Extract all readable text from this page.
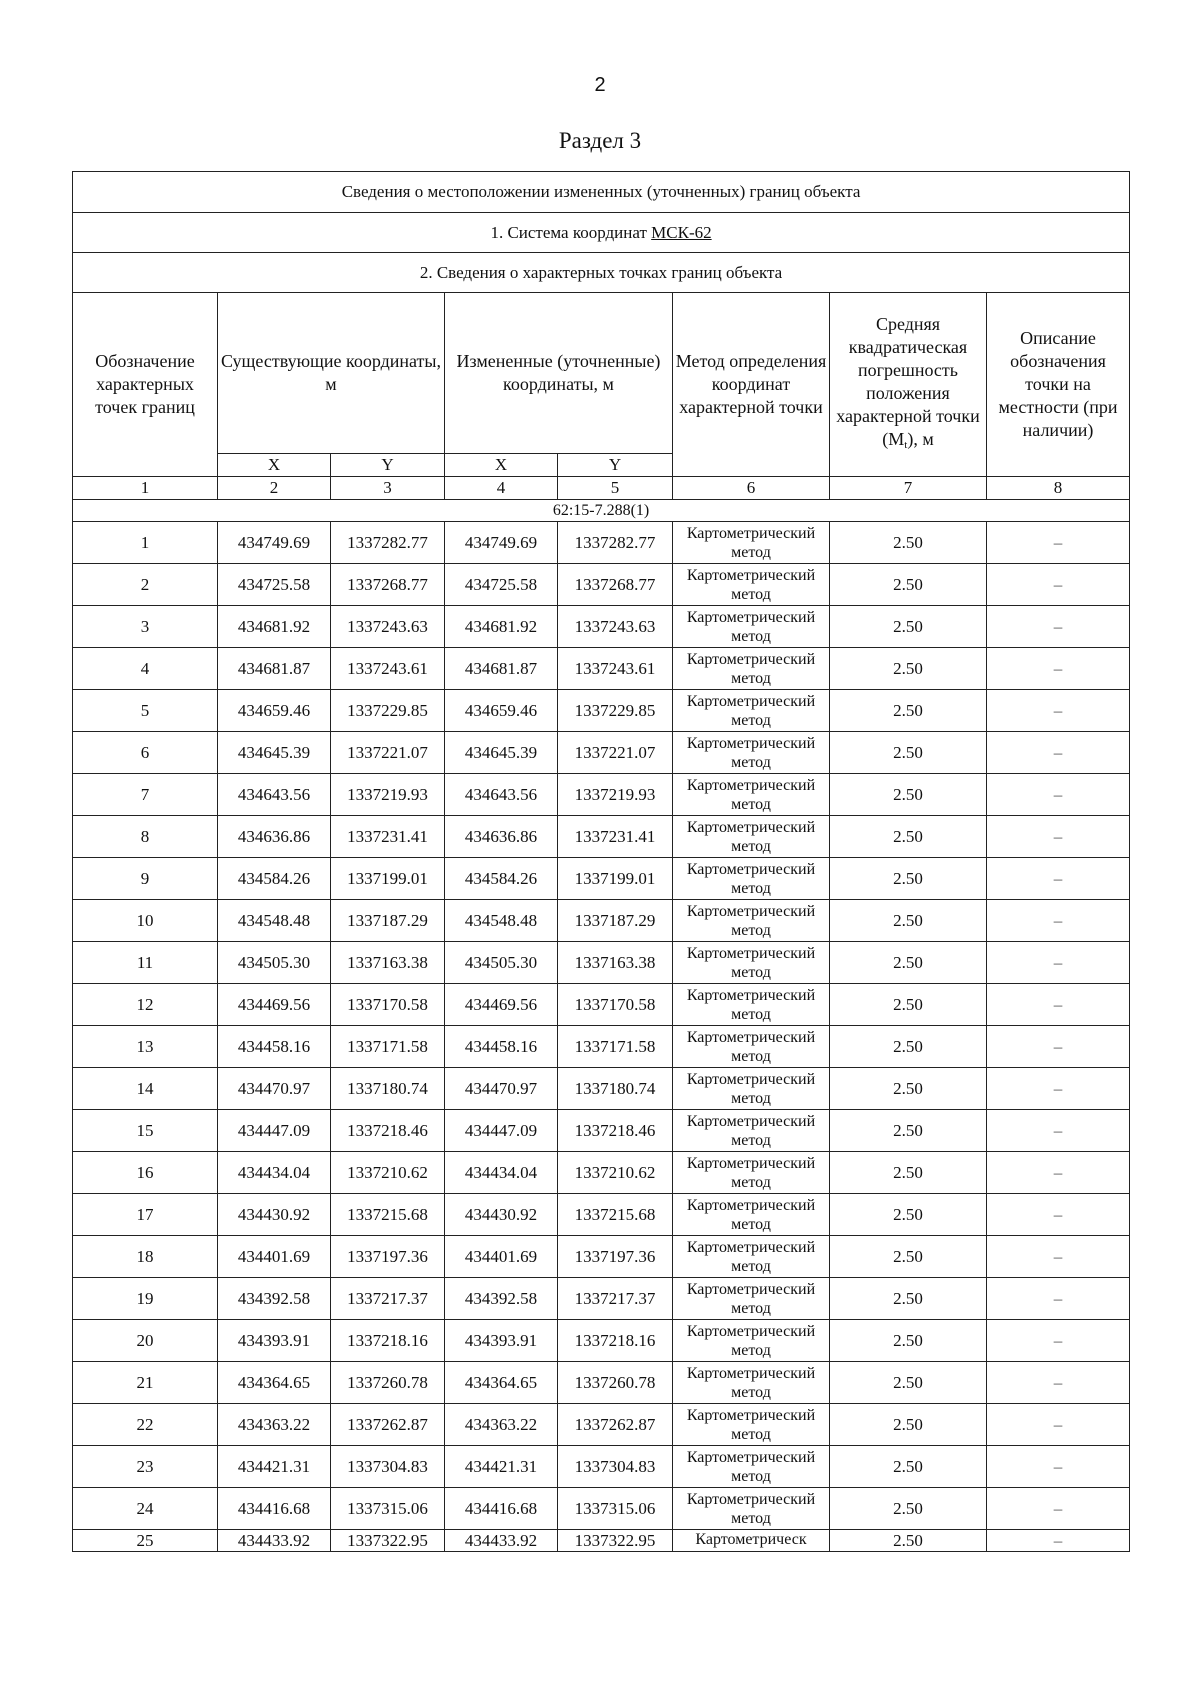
2
Раздел 3
Сведения о местоположении измененных (уточненных) границ объекта							
1. Система координат МСК-62							
2. Сведения о характерных точках границ объекта							
Обозначение характерных точек границ	Существующие координаты, м		Измененные (уточненные) координаты, м		Метод определения координат характерной точки	Средняя квадратическая погрешность положения характерной точки $(M_t)$, м	Описание обозначения точки на местности (при наличии)
	X	Y	X	Y			
1	2	3	4	5	6	7	8
62:15-7.288(1)							
1	434749.69	1337282.77	434749.69	1337282.77	Картометрический метод	2.50	–
2	434725.58	1337268.77	434725.58	1337268.77	Картометрический метод	2.50	–
3	434681.92	1337243.63	434681.92	1337243.63	Картометрический метод	2.50	–
4	434681.87	1337243.61	434681.87	1337243.61	Картометрический метод	2.50	–
5	434659.46	1337229.85	434659.46	1337229.85	Картометрический метод	2.50	–
6	434645.39	1337221.07	434645.39	1337221.07	Картометрический метод	2.50	–
7	434643.56	1337219.93	434643.56	1337219.93	Картометрический метод	2.50	–
8	434636.86	1337231.41	434636.86	1337231.41	Картометрический метод	2.50	–
9	434584.26	1337199.01	434584.26	1337199.01	Картометрический метод	2.50	–
10	434548.48	1337187.29	434548.48	1337187.29	Картометрический метод	2.50	–
11	434505.30	1337163.38	434505.30	1337163.38	Картометрический метод	2.50	–
12	434469.56	1337170.58	434469.56	1337170.58	Картометрический метод	2.50	–
13	434458.16	1337171.58	434458.16	1337171.58	Картометрический метод	2.50	–
14	434470.97	1337180.74	434470.97	1337180.74	Картометрический метод	2.50	–
15	434447.09	1337218.46	434447.09	1337218.46	Картометрический метод	2.50	–
16	434434.04	1337210.62	434434.04	1337210.62	Картометрический метод	2.50	–
17	434430.92	1337215.68	434430.92	1337215.68	Картометрический метод	2.50	–
18	434401.69	1337197.36	434401.69	1337197.36	Картометрический метод	2.50	–
19	434392.58	1337217.37	434392.58	1337217.37	Картометрический метод	2.50	–
20	434393.91	1337218.16	434393.91	1337218.16	Картометрический метод	2.50	–
21	434364.65	1337260.78	434364.65	1337260.78	Картометрический метод	2.50	–
22	434363.22	1337262.87	434363.22	1337262.87	Картометрический метод	2.50	–
23	434421.31	1337304.83	434421.31	1337304.83	Картометрический метод	2.50	–
24	434416.68	1337315.06	434416.68	1337315.06	Картометрический метод	2.50	–
25	434433.92	1337322.95	434433.92	1337322.95	Картометрическ	2.50	–
